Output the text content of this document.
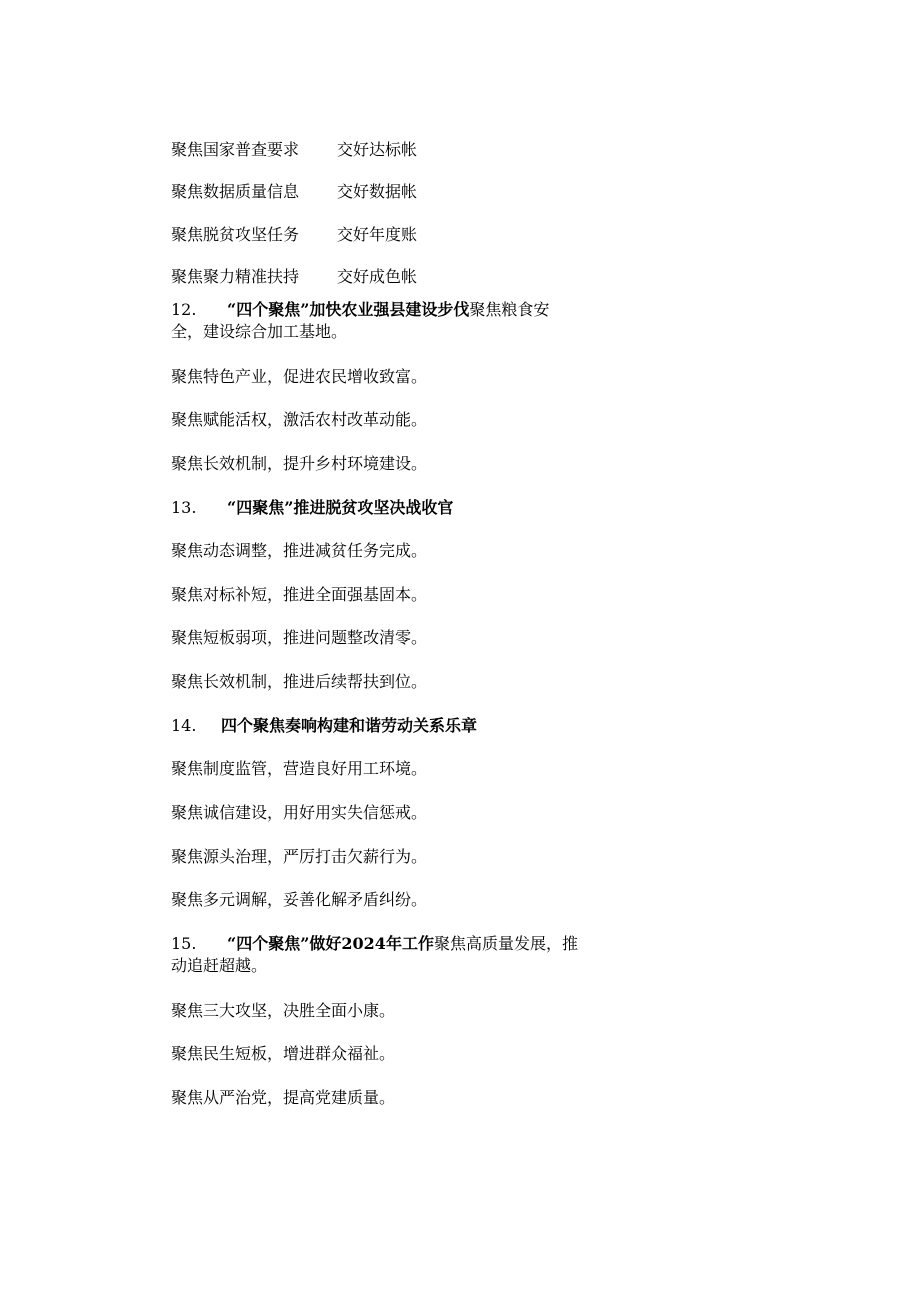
聚焦国家普查要求 交好达标帐
聚焦数据质量信息 交好数据帐
聚焦脱贫攻坚任务 交好年度账
聚焦聚力精准扶持 交好成色帐
12. “四个聚焦”加快农业强县建设步伐聚焦粮食安全，建设综合加工基地。
聚焦特色产业，促进农民增收致富。
聚焦赋能活权，激活农村改革动能。
聚焦长效机制，提升乡村环境建设。
13. “四聚焦”推进脱贫攻坚决战收官
聚焦动态调整，推进减贫任务完成。
聚焦对标补短，推进全面强基固本。
聚焦短板弱项，推进问题整改清零。
聚焦长效机制，推进后续帮扶到位。
14. 四个聚焦奏响构建和谐劳动关系乐章
聚焦制度监管，营造良好用工环境。
聚焦诚信建设，用好用实失信惩戒。
聚焦源头治理，严厉打击欠薪行为。
聚焦多元调解，妥善化解矛盾纠纷。
15. “四个聚焦”做好2024年工作聚焦高质量发展，推动追赶超越。
聚焦三大攻坚，决胜全面小康。
聚焦民生短板，增进群众福祉。
聚焦从严治党，提高党建质量。
